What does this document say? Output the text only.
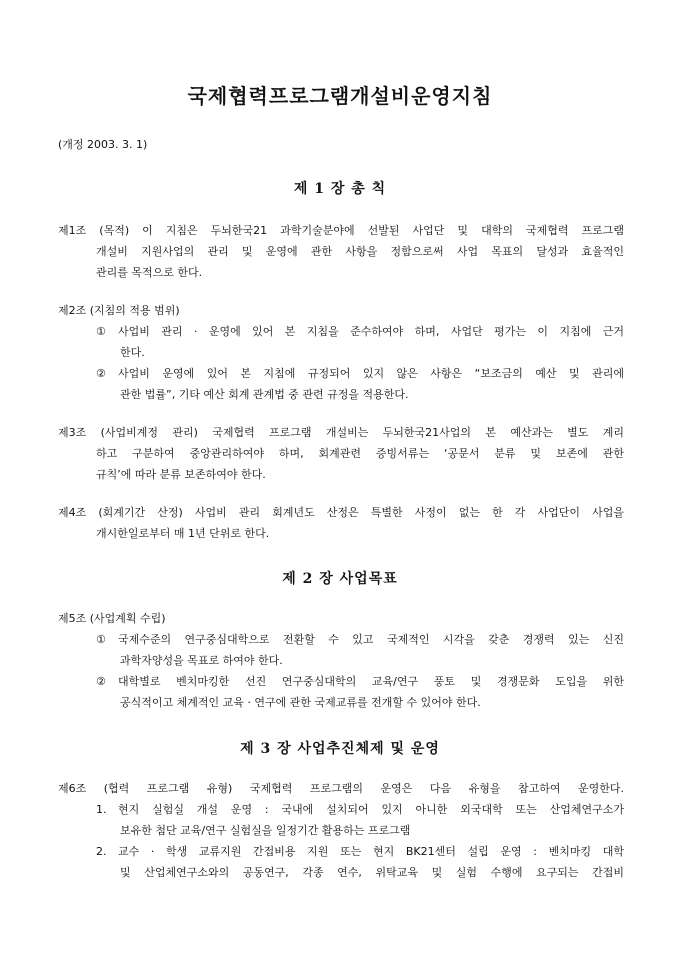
국제협력프로그램개설비운영지침
(개정 2003. 3. 1)
제 1 장 총 칙
제1조 (목적) 이 지침은 두뇌한국21 과학기술분야에 선발된 사업단 및 대학의 국제협력 프로그램
개설비 지원사업의 관리 및 운영에 관한 사항을 정함으로써 사업 목표의 달성과 효율적인
관리를 목적으로 한다.
제2조 (지침의 적용 범위)
① 사업비 관리 · 운영에 있어 본 지침을 준수하여야 하며, 사업단 평가는 이 지침에 근거
한다.
② 사업비 운영에 있어 본 지침에 규정되어 있지 않은 사항은 “보조금의 예산 및 관리에
관한 법률”, 기타 예산 회계 관계법 중 관련 규정을 적용한다.
제3조 (사업비계정 관리) 국제협력 프로그램 개설비는 두뇌한국21사업의 본 예산과는 별도 계리
하고 구분하여 중앙관리하여야 하며, 회계관련 증빙서류는 ‘공문서 분류 및 보존에 관한
규칙’에 따라 분류 보존하여야 한다.
제4조 (회계기간 산정) 사업비 관리 회계년도 산정은 특별한 사정이 없는 한 각 사업단이 사업을
개시한일로부터 매 1년 단위로 한다.
제 2 장 사업목표
제5조 (사업계획 수립)
① 국제수준의 연구중심대학으로 전환할 수 있고 국제적인 시각을 갖춘 경쟁력 있는 신진
과학자양성을 목표로 하여야 한다.
② 대학별로 벤치마킹한 선진 연구중심대학의 교육/연구 풍토 및 경쟁문화 도입을 위한
공식적이고 체계적인 교육 · 연구에 관한 국제교류를 전개할 수 있어야 한다.
제 3 장 사업추진체제 및 운영
제6조 (협력 프로그램 유형) 국제협력 프로그램의 운영은 다음 유형을 참고하여 운영한다.
1. 현지 실험실 개설 운영 : 국내에 설치되어 있지 아니한 외국대학 또는 산업체연구소가
보유한 첨단 교육/연구 실험실을 일정기간 활용하는 프로그램
2. 교수 · 학생 교류지원 간접비용 지원 또는 현지 BK21센터 설립 운영 : 벤치마킹 대학
및 산업체연구소와의 공동연구, 각종 연수, 위탁교육 및 실험 수행에 요구되는 간접비
